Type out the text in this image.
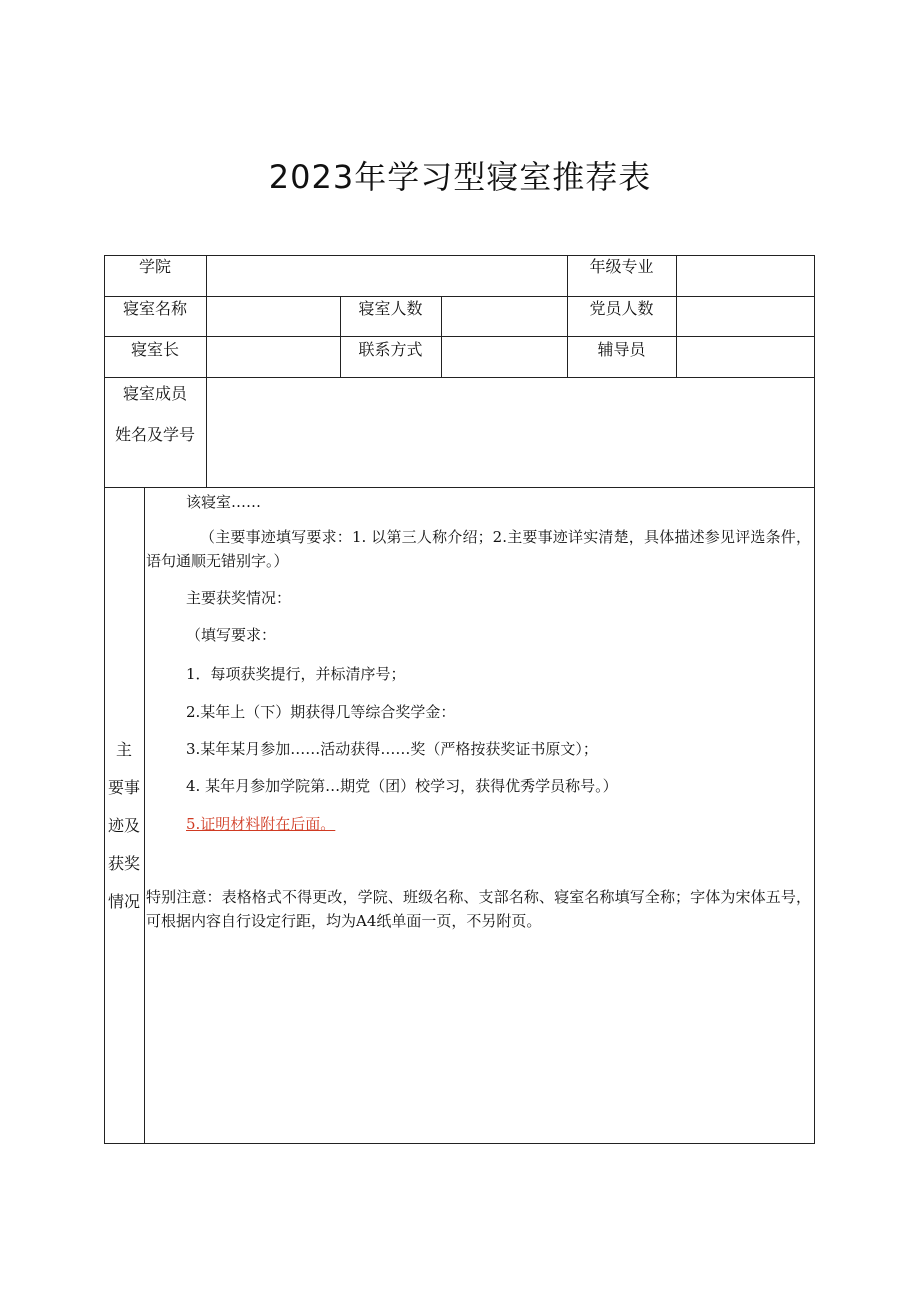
2023年学习型寝室推荐表
学院	年级专业
寝室名称	寝室人数	党员人数
寝室长	联系方式	辅导员
寝室成员
姓名及学号
主
要事
迹及
获奖
情况
该寝室……
（主要事迹填写要求：1. 以第三人称介绍；2.主要事迹详实清楚，具体描述参见评选条件，语句通顺无错别字。）
主要获奖情况：
（填写要求：
1．每项获奖提行，并标清序号；
2.某年上（下）期获得几等综合奖学金：
3.某年某月参加……活动获得……奖（严格按获奖证书原文）；
4. 某年月参加学院第…期党（团）校学习，获得优秀学员称号。）
5.证明材料附在后面。
特别注意：表格格式不得更改，学院、班级名称、支部名称、寝室名称填写全称；字体为宋体五号，可根据内容自行设定行距，均为A4纸单面一页，不另附页。
